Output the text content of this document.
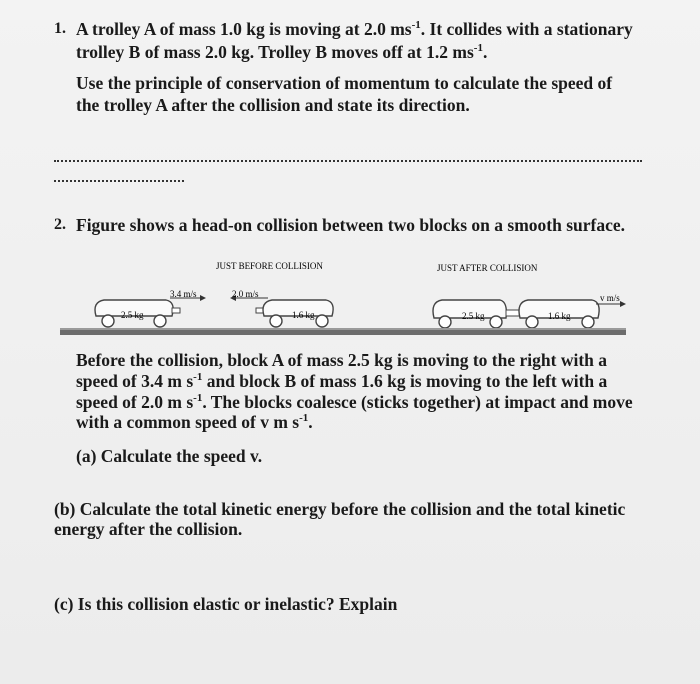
1. A trolley A of mass 1.0 kg is moving at 2.0 $ms^{-1}$. It collides with a stationary
trolley B of mass 2.0 kg. Trolley B moves off at 1.2 $ms^{-1}$.
Use the principle of conservation of momentum to calculate the speed of
the trolley A after the collision and state its direction.
2. Figure shows a head-on collision between two blocks on a smooth surface.
JUST BEFORE COLLISION	JUST AFTER COLLISION
2.5 kg
3.4 m/s
1.6 kg
2.0 m/s
2.5 kg	1.6 kg
v m/s
Before the collision, block A of mass 2.5 kg is moving to the right with a
speed of 3.4 m $s^{-1}$ and block B of mass 1.6 kg is moving to the left with a
speed of 2.0 m $s^{-1}$. The blocks coalesce (sticks together) at impact and move
with a common speed of v m $s^{-1}$.
(a) Calculate the speed v.
(b) Calculate the total kinetic energy before the collision and the total kinetic
energy after the collision.
(c) Is this collision elastic or inelastic? Explain
